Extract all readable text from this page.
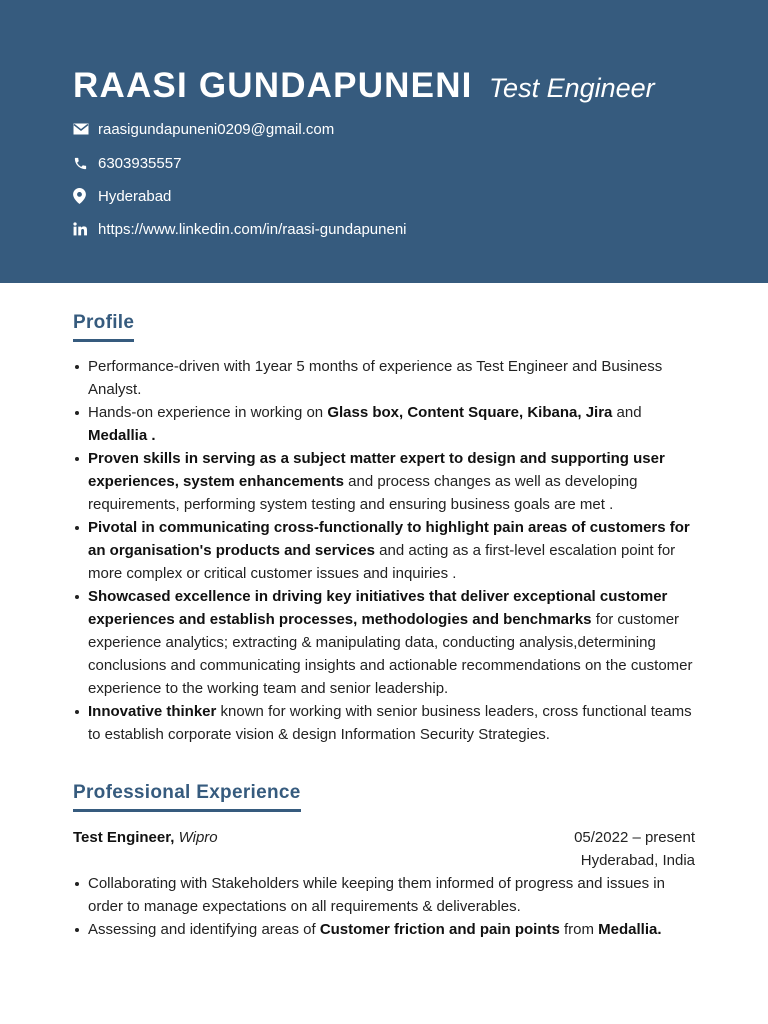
RAASI GUNDAPUNENI Test Engineer
raasigundapuneni0209@gmail.com
6303935557
Hyderabad
https://www.linkedin.com/in/raasi-gundapuneni
Profile
Performance-driven with 1year 5 months of experience as Test Engineer and Business Analyst.
Hands-on experience in working on Glass box, Content Square, Kibana, Jira and Medallia .
Proven skills in serving as a subject matter expert to design and supporting user experiences, system enhancements and process changes as well as developing requirements, performing system testing and ensuring business goals are met .
Pivotal in communicating cross-functionally to highlight pain areas of customers for an organisation's products and services and acting as a first-level escalation point for more complex or critical customer issues and inquiries .
Showcased excellence in driving key initiatives that deliver exceptional customer experiences and establish processes, methodologies and benchmarks for customer experience analytics; extracting & manipulating data, conducting analysis,determining conclusions and communicating insights and actionable recommendations on the customer experience to the working team and senior leadership.
Innovative thinker known for working with senior business leaders, cross functional teams to establish corporate vision & design Information Security Strategies.
Professional Experience
Test Engineer, Wipro	05/2022 – present
Hyderabad, India
Collaborating with Stakeholders while keeping them informed of progress and issues in order to manage expectations on all requirements & deliverables.
Assessing and identifying areas of Customer friction and pain points from Medallia.
